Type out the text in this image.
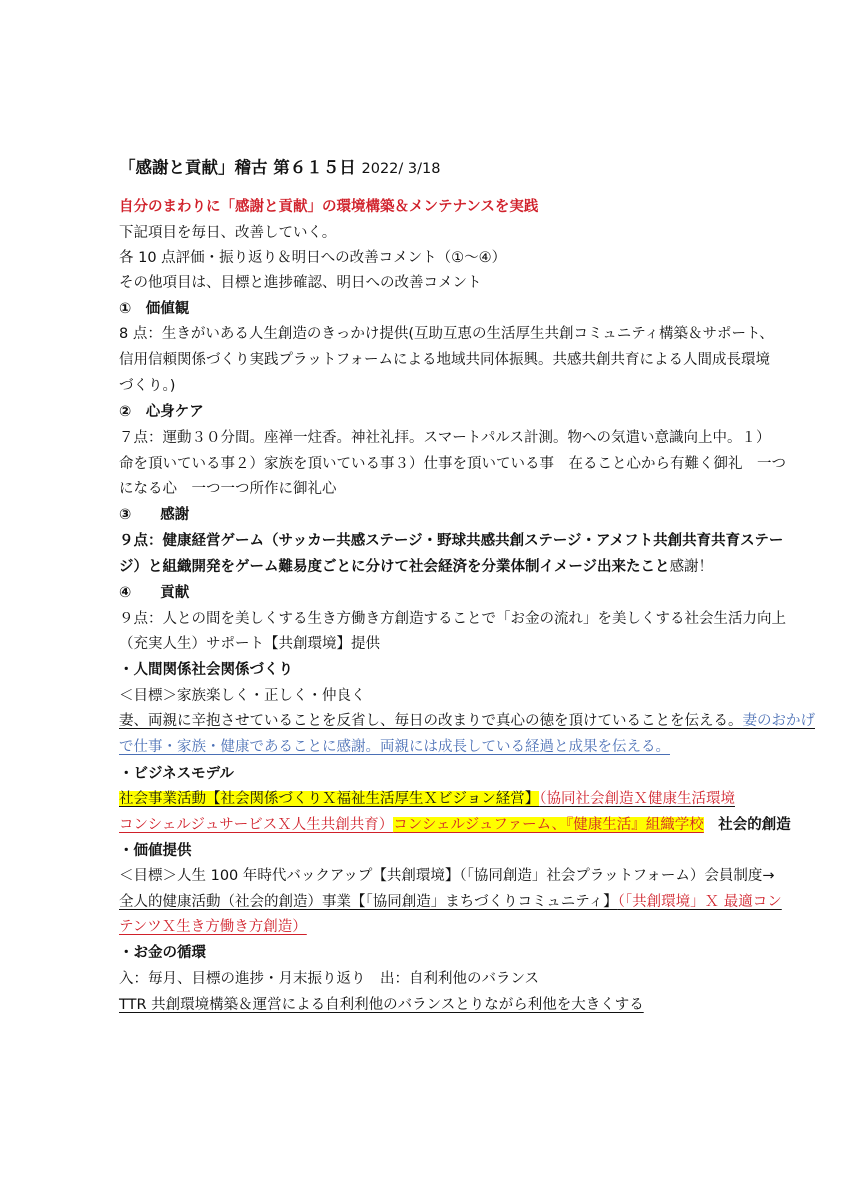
「感謝と貢献」稽古 第６１５日 2022/ 3/18
自分のまわりに「感謝と貢献」の環境構築＆メンテナンスを実践
下記項目を毎日、改善していく。
各 10 点評価・振り返り＆明日への改善コメント（①～④）
その他項目は、目標と進捗確認、明日への改善コメント
①　価値観
8 点：生きがいある人生創造のきっかけ提供(互助互恵の生活厚生共創コミュニティ構築＆サポート、
信用信頼関係づくり実践プラットフォームによる地域共同体振興。共感共創共育による人間成長環境
づくり。)
②　心身ケア
７点：運動３０分間。座禅一炷香。神社礼拝。スマートパルス計測。物への気遣い意識向上中。１）
命を頂いている事２）家族を頂いている事３）仕事を頂いている事　在ること心から有難く御礼　一つ
になる心　一つ一つ所作に御礼心
③　　感謝
９点：健康経営ゲーム（サッカー共感ステージ・野球共感共創ステージ・アメフト共創共育共育ステー
ジ）と組織開発をゲーム難易度ごとに分けて社会経済を分業体制イメージ出来たこと感謝！
④　　貢献
９点：人との間を美しくする生き方働き方創造することで「お金の流れ」を美しくする社会生活力向上
（充実人生）サポート【共創環境】提供
・人間関係社会関係づくり
＜目標＞家族楽しく・正しく・仲良く
妻、両親に辛抱させていることを反省し、毎日の改まりで真心の徳を頂けていることを伝える。妻のおかげ
で仕事・家族・健康であることに感謝。両親には成長している経過と成果を伝える。
・ビジネスモデル
社会事業活動【社会関係づくりＸ福祉生活厚生Ｘビジョン経営】（協同社会創造Ｘ健康生活環境
コンシェルジュサービスＸ人生共創共育）コンシェルジュファーム、『健康生活』組織学校　 社会的創造
・価値提供
＜目標＞人生 100 年時代バックアップ【共創環境】（「協同創造」社会プラットフォーム）会員制度→
全人的健康活動（社会的創造）事業【「協同創造」まちづくりコミュニティ】（「共創環境」Ｘ 最適コン
テンツＸ生き方働き方創造）
・お金の循環
入：毎月、目標の進捗・月末振り返り　出：自利利他のバランス
TTR 共創環境構築＆運営による自利利他のバランスとりながら利他を大きくする
